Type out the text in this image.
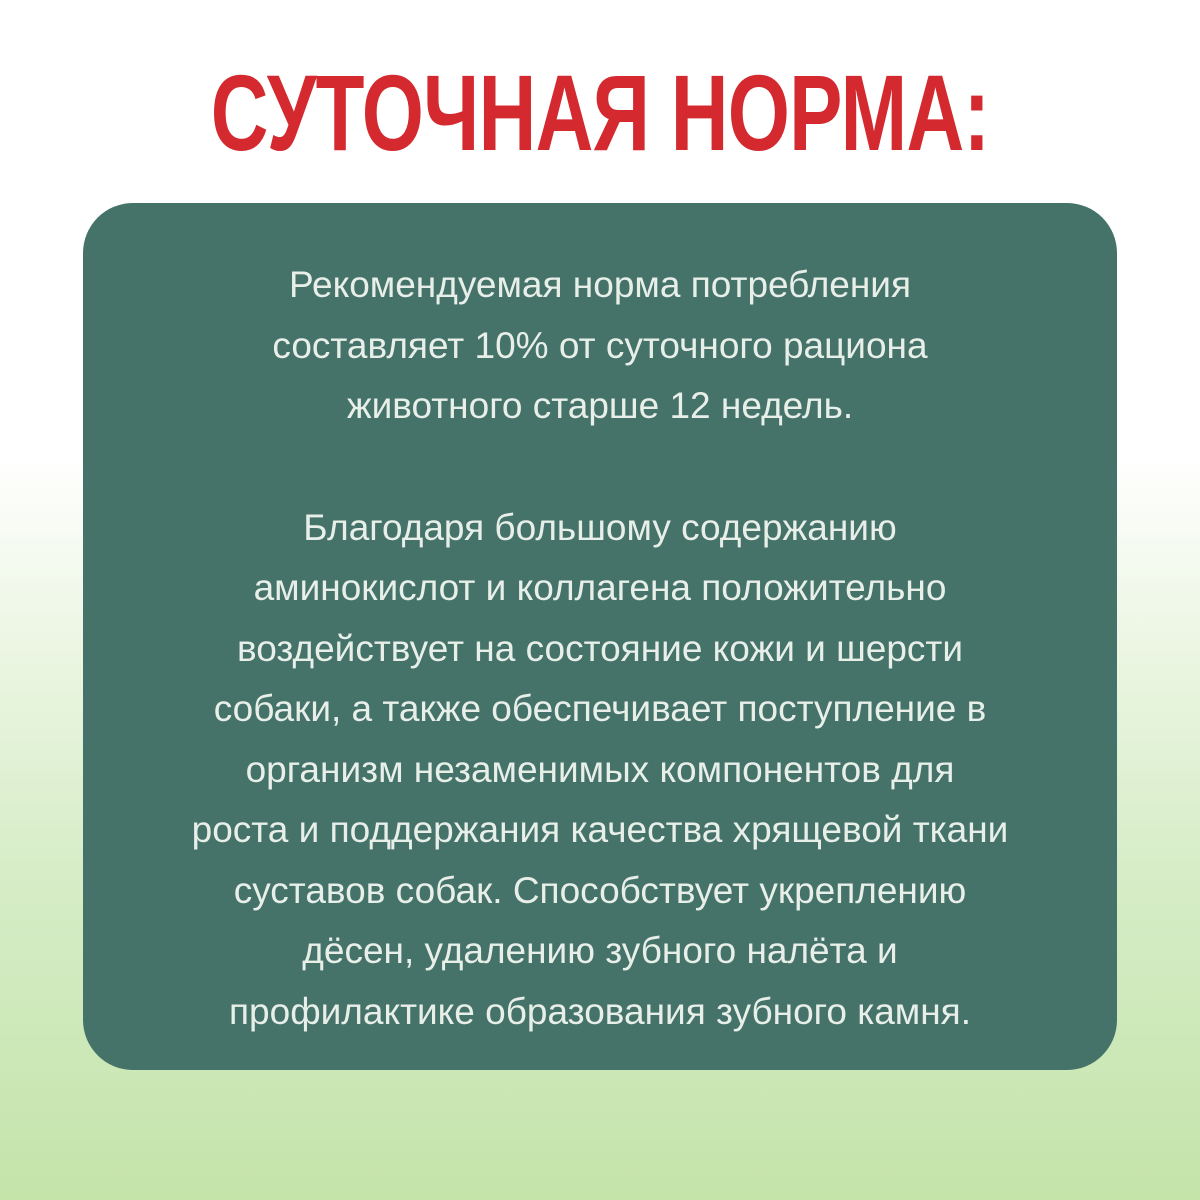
СУТОЧНАЯ НОРМА:

Рекомендуемая норма потребления
составляет 10% от суточного рациона
животного старше 12 недель.

Благодаря большому содержанию
аминокислот и коллагена положительно
воздействует на состояние кожи и шерсти
собаки, а также обеспечивает поступление в
организм незаменимых компонентов для
роста и поддержания качества хрящевой ткани
суставов собак. Способствует укреплению
дёсен, удалению зубного налёта и
профилактике образования зубного камня.
